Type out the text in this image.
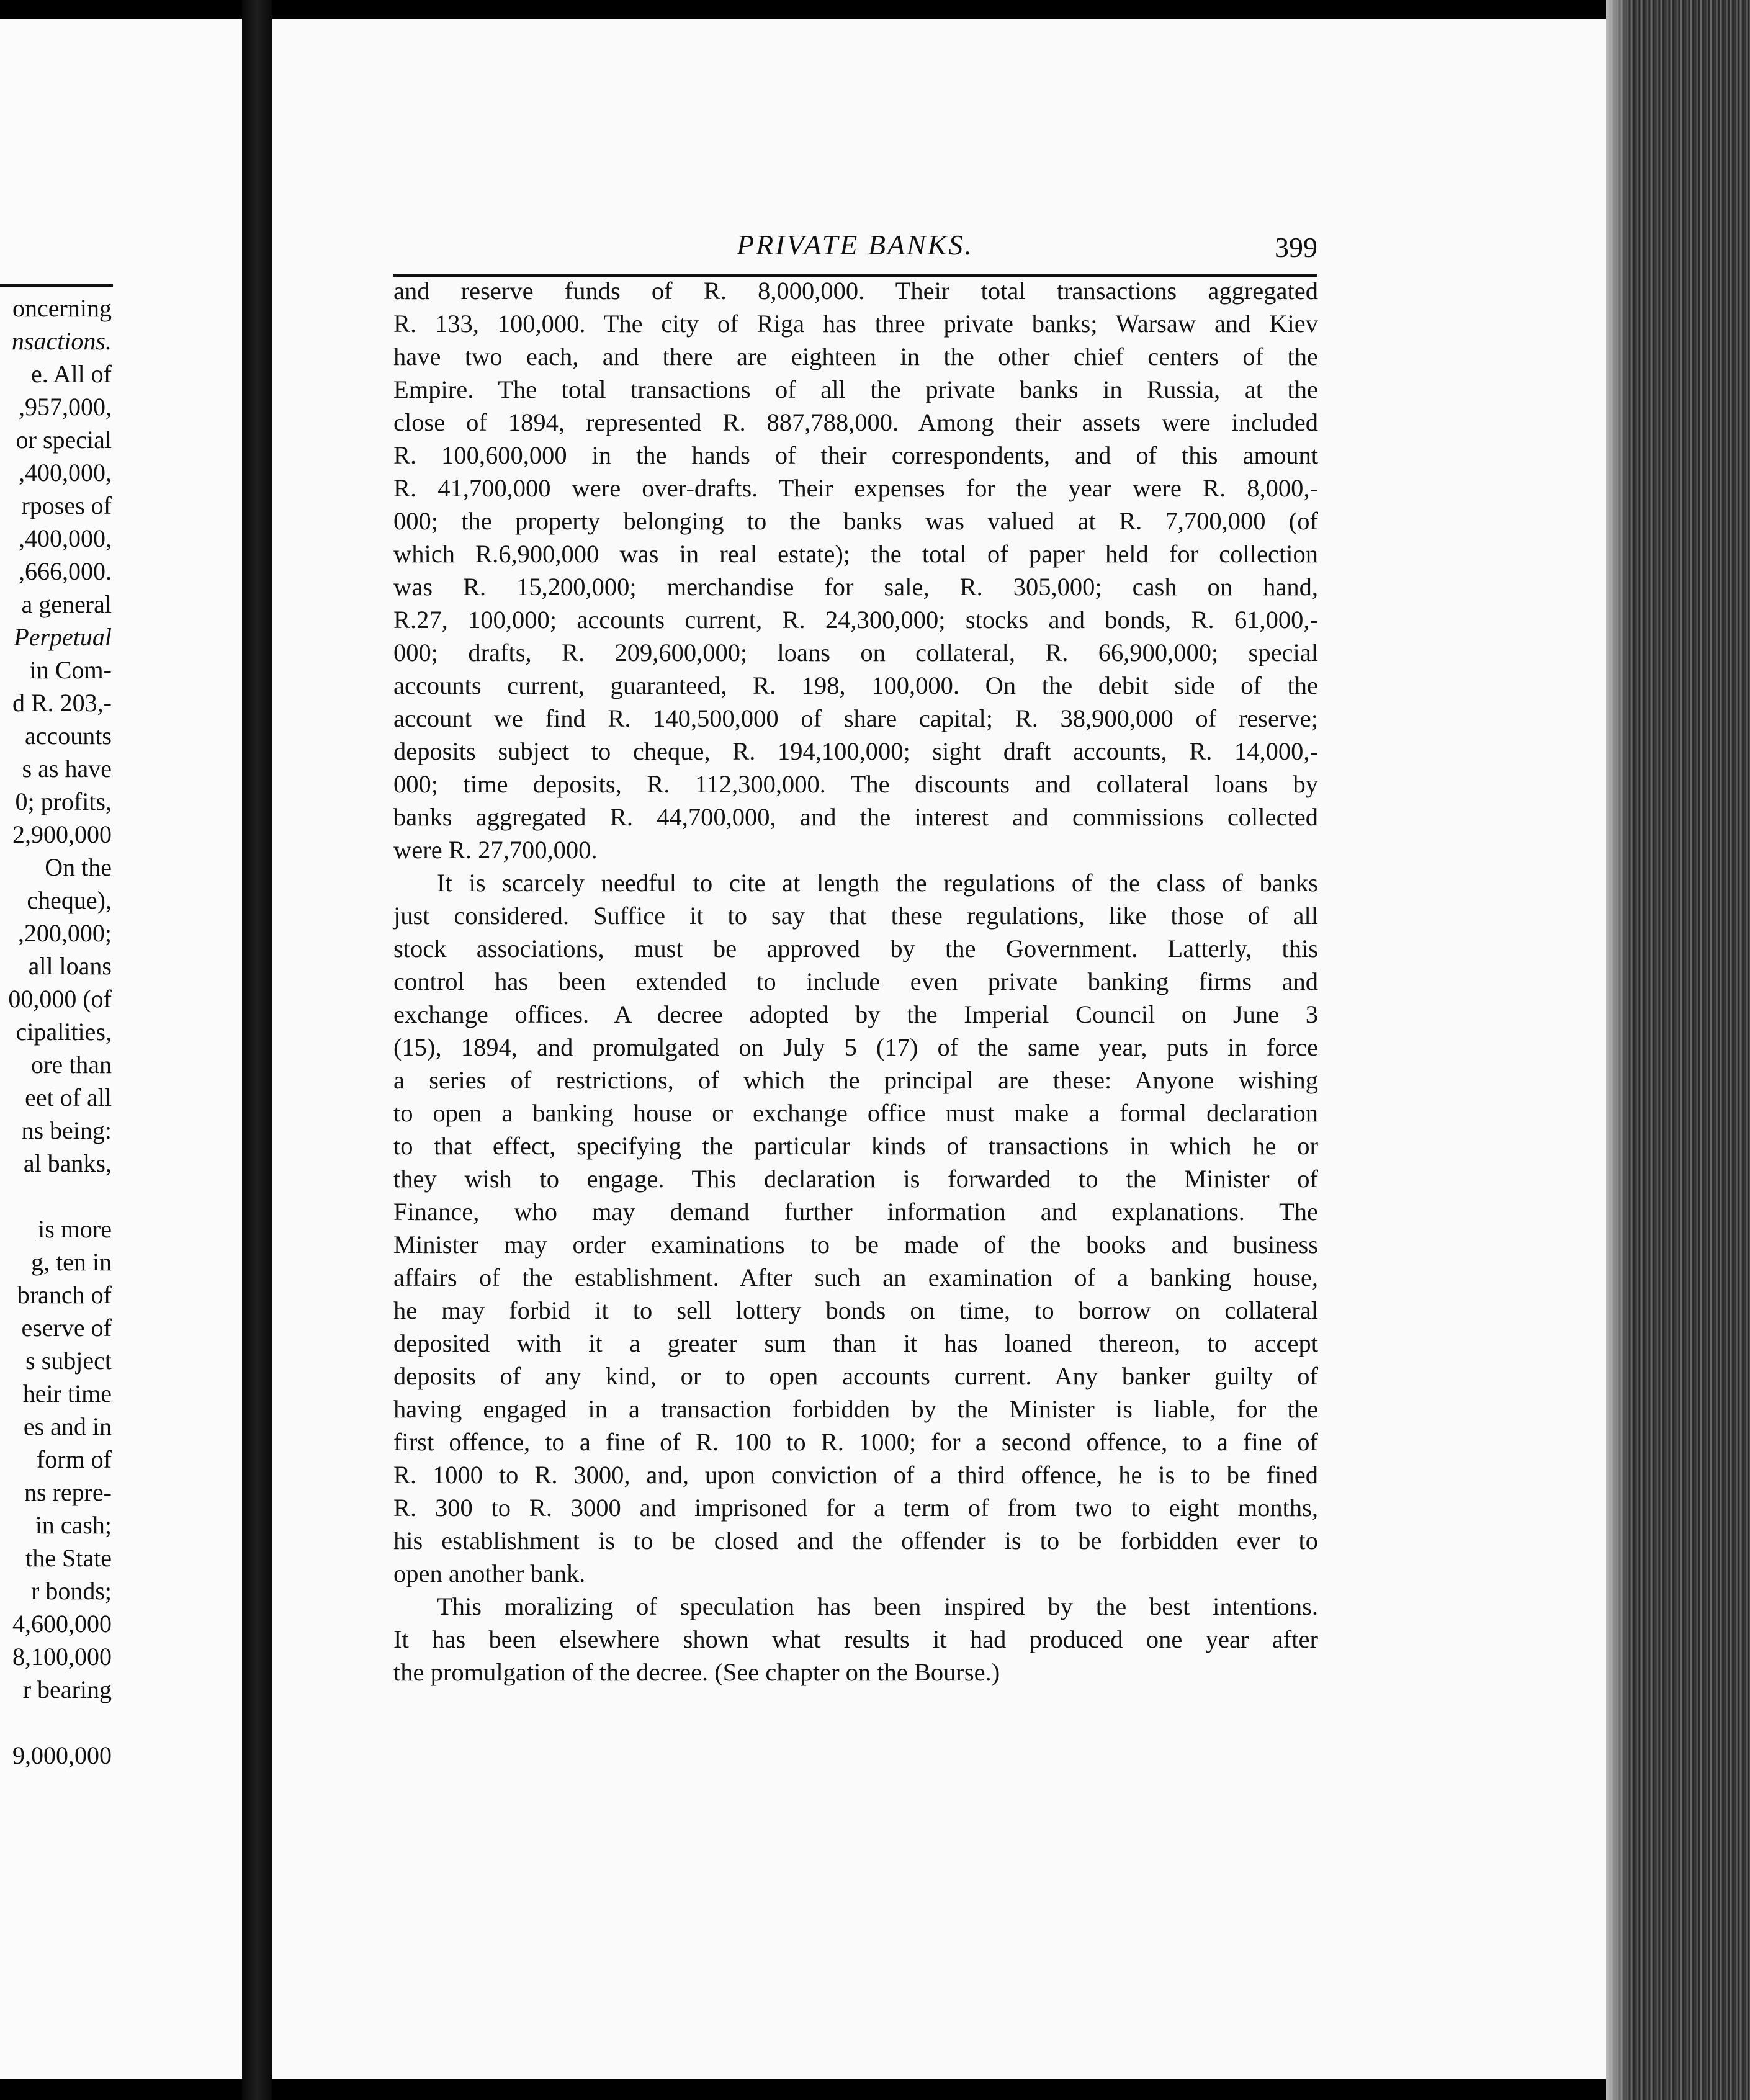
oncerning
nsactions.
e. All of
,957,000,
or special
,400,000,
rposes of
,400,000,
,666,000.
a general
Perpetual
in Com-
d R. 203,-
accounts
s as have
0; profits,
2,900,000
On the
cheque),
,200,000;
all loans
00,000 (of
cipalities,
ore than
eet of all
ns being:
al banks,
is more
g, ten in
branch of
eserve of
s subject
heir time
es and in
form of
ns repre-
in cash;
the State
r bonds;
4,600,000
8,100,000
r bearing
9,000,000
PRIVATE BANKS.	399
and reserve funds of R. 8,000,000. Their total transactions aggregated
R. 133, 100,000. The city of Riga has three private banks; Warsaw and Kiev
have two each, and there are eighteen in the other chief centers of the
Empire. The total transactions of all the private banks in Russia, at the
close of 1894, represented R. 887,788,000. Among their assets were included
R. 100,600,000 in the hands of their correspondents, and of this amount
R. 41,700,000 were over-drafts. Their expenses for the year were R. 8,000,-
000; the property belonging to the banks was valued at R. 7,700,000 (of
which R.6,900,000 was in real estate); the total of paper held for collection
was R. 15,200,000; merchandise for sale, R. 305,000; cash on hand,
R.27, 100,000; accounts current, R. 24,300,000; stocks and bonds, R. 61,000,-
000; drafts, R. 209,600,000; loans on collateral, R. 66,900,000; special
accounts current, guaranteed, R. 198, 100,000. On the debit side of the
account we find R. 140,500,000 of share capital; R. 38,900,000 of reserve;
deposits subject to cheque, R. 194,100,000; sight draft accounts, R. 14,000,-
000; time deposits, R. 112,300,000. The discounts and collateral loans by
banks aggregated R. 44,700,000, and the interest and commissions collected
were R. 27,700,000.
It is scarcely needful to cite at length the regulations of the class of banks
just considered. Suffice it to say that these regulations, like those of all
stock associations, must be approved by the Government. Latterly, this
control has been extended to include even private banking firms and
exchange offices. A decree adopted by the Imperial Council on June 3
(15), 1894, and promulgated on July 5 (17) of the same year, puts in force
a series of restrictions, of which the principal are these: Anyone wishing
to open a banking house or exchange office must make a formal declaration
to that effect, specifying the particular kinds of transactions in which he or
they wish to engage. This declaration is forwarded to the Minister of
Finance, who may demand further information and explanations. The
Minister may order examinations to be made of the books and business
affairs of the establishment. After such an examination of a banking house,
he may forbid it to sell lottery bonds on time, to borrow on collateral
deposited with it a greater sum than it has loaned thereon, to accept
deposits of any kind, or to open accounts current. Any banker guilty of
having engaged in a transaction forbidden by the Minister is liable, for the
first offence, to a fine of R. 100 to R. 1000; for a second offence, to a fine of
R. 1000 to R. 3000, and, upon conviction of a third offence, he is to be fined
R. 300 to R. 3000 and imprisoned for a term of from two to eight months,
his establishment is to be closed and the offender is to be forbidden ever to
open another bank.
This moralizing of speculation has been inspired by the best intentions.
It has been elsewhere shown what results it had produced one year after
the promulgation of the decree. (See chapter on the Bourse.)
